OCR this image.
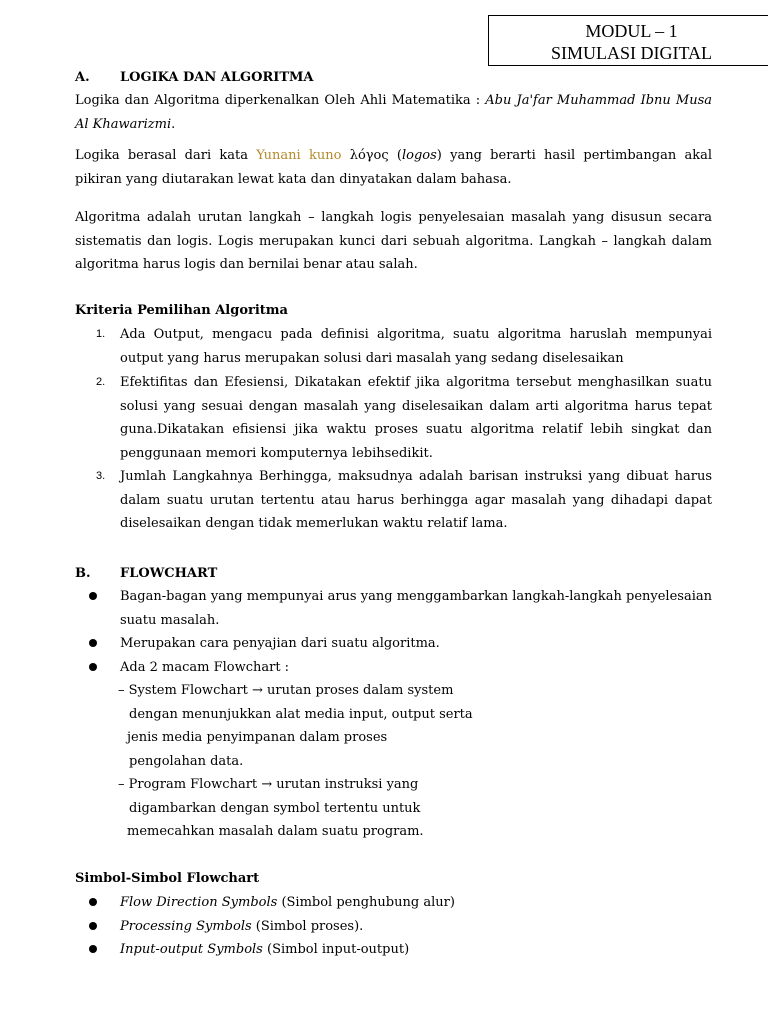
MODUL – 1
SIMULASI DIGITAL
A. LOGIKA DAN ALGORITMA
Logika dan Algoritma diperkenalkan Oleh Ahli Matematika : Abu Ja'far Muhammad Ibnu Musa Al Khawarizmi.
Logika berasal dari kata Yunani kuno λόγος (logos) yang berarti hasil pertimbangan akal pikiran yang diutarakan lewat kata dan dinyatakan dalam bahasa.
Algoritma adalah urutan langkah – langkah logis penyelesaian masalah yang disusun secara sistematis dan logis. Logis merupakan kunci dari sebuah algoritma. Langkah – langkah dalam algoritma harus logis dan bernilai benar atau salah.
Kriteria Pemilihan Algoritma
1. Ada Output, mengacu pada definisi algoritma, suatu algoritma haruslah mempunyai output yang harus merupakan solusi dari masalah yang sedang diselesaikan
2. Efektifitas dan Efesiensi, Dikatakan efektif jika algoritma tersebut menghasilkan suatu solusi yang sesuai dengan masalah yang diselesaikan dalam arti algoritma harus tepat guna.Dikatakan efisiensi jika waktu proses suatu algoritma relatif lebih singkat dan penggunaan memori komputernya lebihsedikit.
3. Jumlah Langkahnya Berhingga, maksudnya adalah barisan instruksi yang dibuat harus dalam suatu urutan tertentu atau harus berhingga agar masalah yang dihadapi dapat diselesaikan dengan tidak memerlukan waktu relatif lama.
B. FLOWCHART
Bagan-bagan yang mempunyai arus yang menggambarkan langkah-langkah penyelesaian suatu masalah.
Merupakan cara penyajian dari suatu algoritma.
Ada 2 macam Flowchart :
– System Flowchart → urutan proses dalam system
dengan menunjukkan alat media input, output serta
jenis media penyimpanan dalam proses
pengolahan data.
– Program Flowchart → urutan instruksi yang
digambarkan dengan symbol tertentu untuk
memecahkan masalah dalam suatu program.
Simbol-Simbol Flowchart
Flow Direction Symbols (Simbol penghubung alur)
Processing Symbols (Simbol proses).
Input-output Symbols (Simbol input-output)
